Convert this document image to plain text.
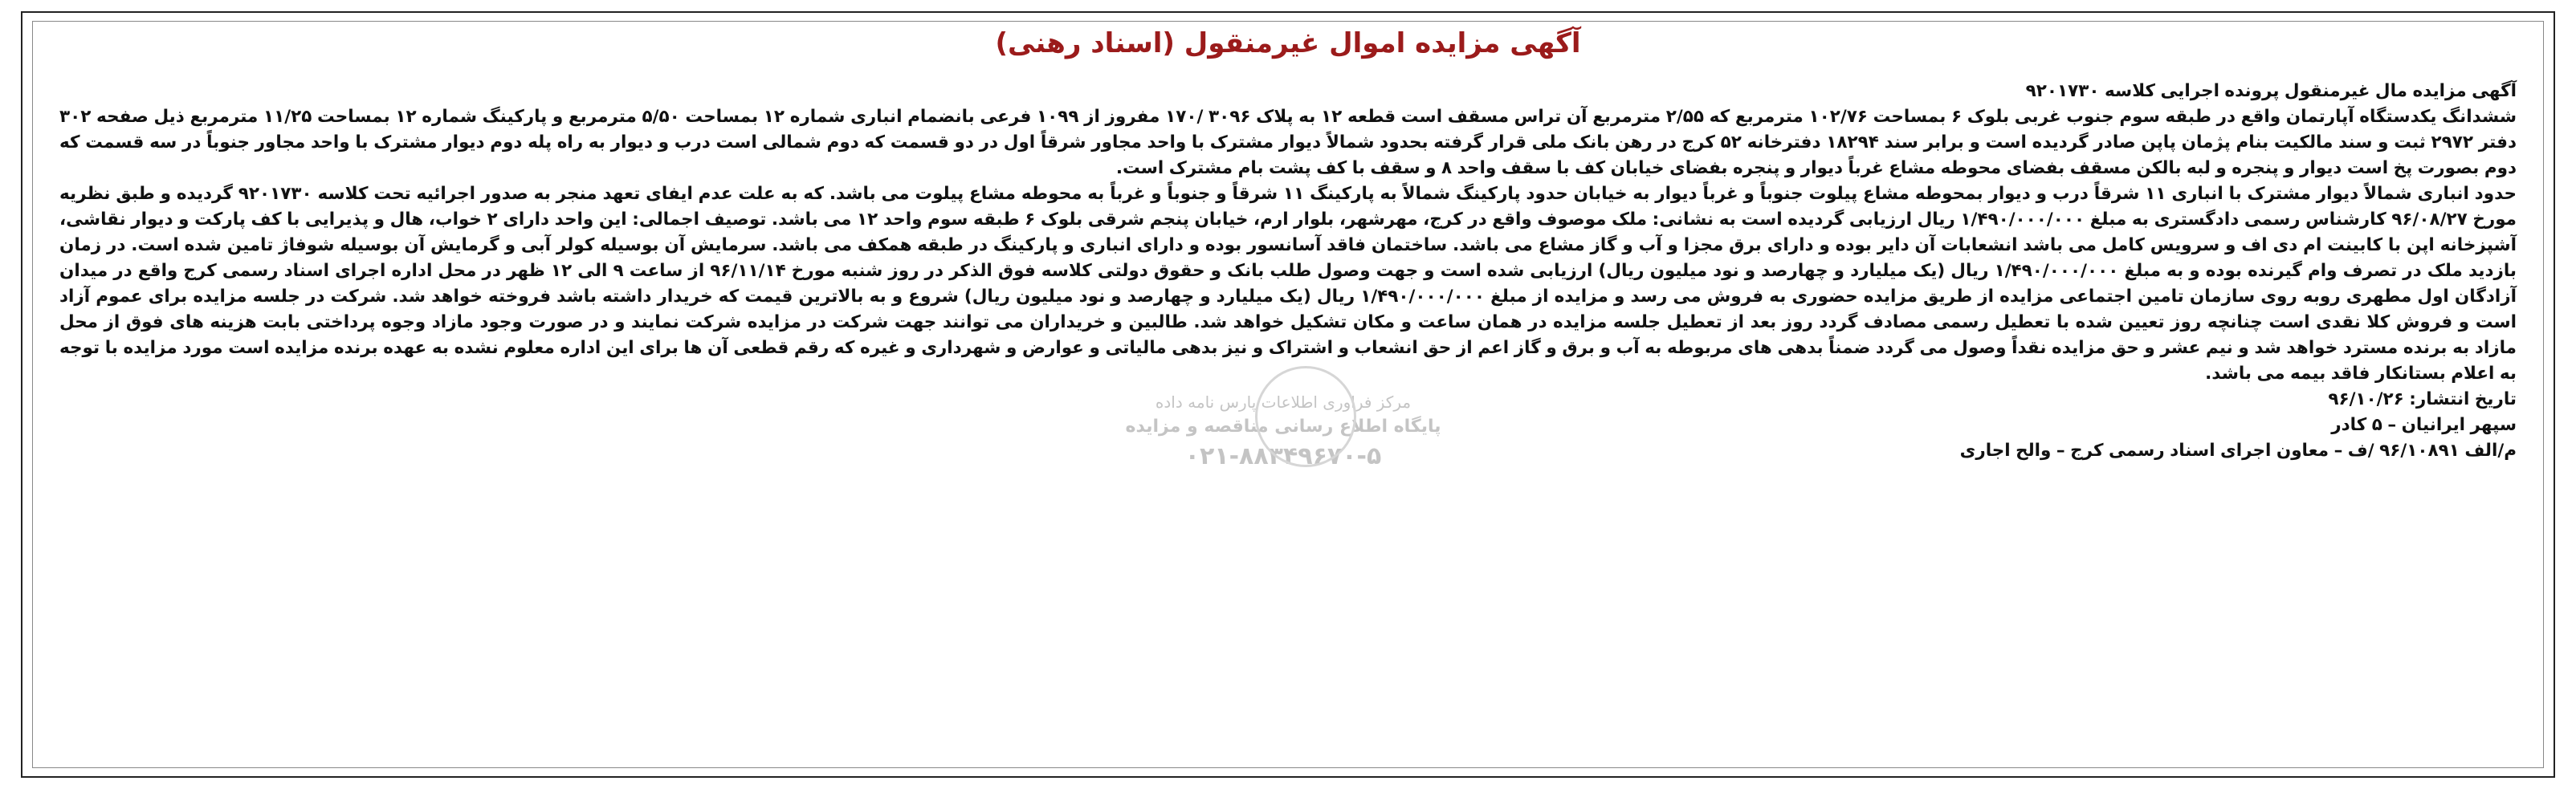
آگهی مزایده اموال غیرمنقول (اسناد رهنی)

آگهی مزایده مال غیرمنقول پرونده اجرایی کلاسه ۹۲۰۱۷۳۰

ششدانگ یکدستگاه آپارتمان واقع در طبقه سوم جنوب غربی بلوک ۶ بمساحت ۱۰۲/۷۶ مترمربع که ۲/۵۵ مترمربع آن تراس مسقف است قطعه ۱۲ به پلاک ۳۰۹۶ /۱۷۰ مفروز از ۱۰۹۹ فرعی بانضمام انباری شماره ۱۲ بمساحت ۵/۵۰ مترمربع و پارکینگ شماره ۱۲ بمساحت ۱۱/۲۵ مترمربع ذیل صفحه ۳۰۲ دفتر ۲۹۷۲ ثبت و سند مالکیت بنام پژمان پاپن صادر گردیده است و برابر سند ۱۸۲۹۴ دفترخانه ۵۲ کرج در رهن بانک ملی قرار گرفته بحدود شمالاً دیوار مشترک با واحد مجاور شرقاً اول در دو قسمت که دوم شمالی است درب و دیوار به راه پله دوم دیوار مشترک با واحد مجاور جنوباً در سه قسمت که دوم بصورت پخ است دیوار و پنجره و لبه بالکن مسقف بفضای محوطه مشاع غرباً دیوار و پنجره بفضای خیابان کف با سقف واحد ۸ و سقف با کف پشت بام مشترک است.

حدود انباری شمالاً دیوار مشترک با انباری ۱۱ شرقاً درب و دیوار بمحوطه مشاع پیلوت جنوباً و غرباً دیوار به خیابان حدود پارکینگ شمالاً به پارکینگ ۱۱ شرقاً و جنوباً و غرباً به محوطه مشاع پیلوت می باشد. که به علت عدم ایفای تعهد منجر به صدور اجرائیه تحت کلاسه ۹۲۰۱۷۳۰ گردیده و طبق نظریه مورخ ۹۶/۰۸/۲۷ کارشناس رسمی دادگستری به مبلغ ۱/۴۹۰/۰۰۰/۰۰۰ ریال ارزیابی گردیده است به نشانی: ملک موصوف واقع در کرج، مهرشهر، بلوار ارم، خیابان پنجم شرقی بلوک ۶ طبقه سوم واحد ۱۲ می باشد. توصیف اجمالی: این واحد دارای ۲ خواب، هال و پذیرایی با کف پارکت و دیوار نقاشی، آشپزخانه اپن با کابینت ام دی اف و سرویس کامل می باشد انشعابات آن دایر بوده و دارای برق مجزا و آب و گاز مشاع می باشد. ساختمان فاقد آسانسور بوده و دارای انباری و پارکینگ در طبقه همکف می باشد. سرمایش آن بوسیله کولر آبی و گرمایش آن بوسیله شوفاژ تامین شده است. در زمان بازدید ملک در تصرف وام گیرنده بوده و به مبلغ ۱/۴۹۰/۰۰۰/۰۰۰ ریال (یک میلیارد و چهارصد و نود میلیون ریال) ارزیابی شده است و جهت وصول طلب بانک و حقوق دولتی کلاسه فوق الذکر در روز شنبه مورخ ۹۶/۱۱/۱۴ از ساعت ۹ الی ۱۲ ظهر در محل اداره اجرای اسناد رسمی کرج واقع در میدان آزادگان اول مطهری روبه روی سازمان تامین اجتماعی مزایده از طریق مزایده حضوری به فروش می رسد و مزایده از مبلغ ۱/۴۹۰/۰۰۰/۰۰۰ ریال (یک میلیارد و چهارصد و نود میلیون ریال) شروع و به بالاترین قیمت که خریدار داشته باشد فروخته خواهد شد. شرکت در جلسه مزایده برای عموم آزاد است و فروش کلا نقدی است چنانچه روز تعیین شده با تعطیل رسمی مصادف گردد روز بعد از تعطیل جلسه مزایده در همان ساعت و مکان تشکیل خواهد شد. طالبین و خریداران می توانند جهت شرکت در مزایده شرکت نمایند و در صورت وجود مازاد وجوه پرداختی بابت هزینه های فوق از محل مازاد به برنده مسترد خواهد شد و نیم عشر و حق مزایده نقداً وصول می گردد ضمناً بدهی های مربوطه به آب و برق و گاز اعم از حق انشعاب و اشتراک و نیز بدهی مالیاتی و عوارض و شهرداری و غیره که رقم قطعی آن ها برای این اداره معلوم نشده به عهده برنده مزایده است مورد مزایده با توجه به اعلام بستانکار فاقد بیمه می باشد.

تاریخ انتشار: ۹۶/۱۰/۲۶

سپهر ایرانیان – ۵ کادر

م/الف ۹۶/۱۰۸۹۱ /ف – معاون اجرای اسناد رسمی کرج – والح اجاری

مرکز فراوری اطلاعات پارس نامه داده
پایگاه اطلاع رسانی مناقصه و مزایده
۰۲۱-۸۸۳۴۹۶۷۰-۵
